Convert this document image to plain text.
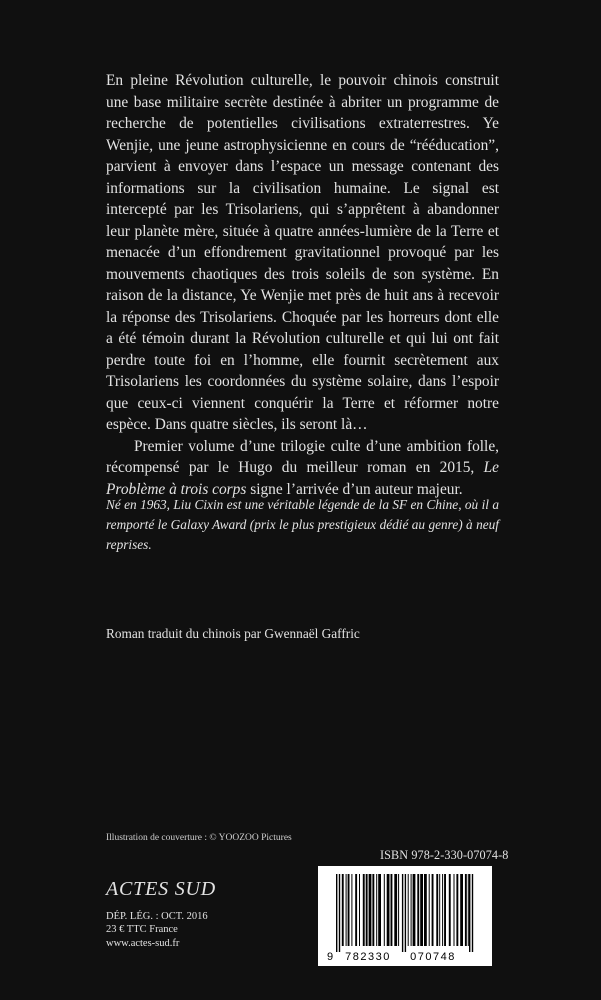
En pleine Révolution culturelle, le pouvoir chinois construit une base militaire secrète destinée à abriter un programme de recherche de potentielles civilisations extraterrestres. Ye Wenjie, une jeune astrophysicienne en cours de “rééducation”, parvient à envoyer dans l’espace un message contenant des informations sur la civilisation humaine. Le signal est intercepté par les Trisolariens, qui s’apprêtent à abandonner leur planète mère, située à quatre années-lumière de la Terre et menacée d’un effondrement gravitationnel provoqué par les mouvements chaotiques des trois soleils de son système. En raison de la distance, Ye Wenjie met près de huit ans à recevoir la réponse des Trisolariens. Choquée par les horreurs dont elle a été témoin durant la Révolution culturelle et qui lui ont fait perdre toute foi en l’homme, elle fournit secrètement aux Trisolariens les coordonnées du système solaire, dans l’espoir que ceux-ci viennent conquérir la Terre et réformer notre espèce. Dans quatre siècles, ils seront là…

Premier volume d’une trilogie culte d’une ambition folle, récompensé par le Hugo du meilleur roman en 2015, Le Problème à trois corps signe l’arrivée d’un auteur majeur.

Né en 1963, Liu Cixin est une véritable légende de la SF en Chine, où il a remporté le Galaxy Award (prix le plus prestigieux dédié au genre) à neuf reprises.

Roman traduit du chinois par Gwennaël Gaffric

Illustration de couverture : © YOOZOO Pictures

ISBN 978-2-330-07074-8

9 782330 070748

ACTES SUD

DÉP. LÉG. : OCT. 2016
23 € TTC France
www.actes-sud.fr
